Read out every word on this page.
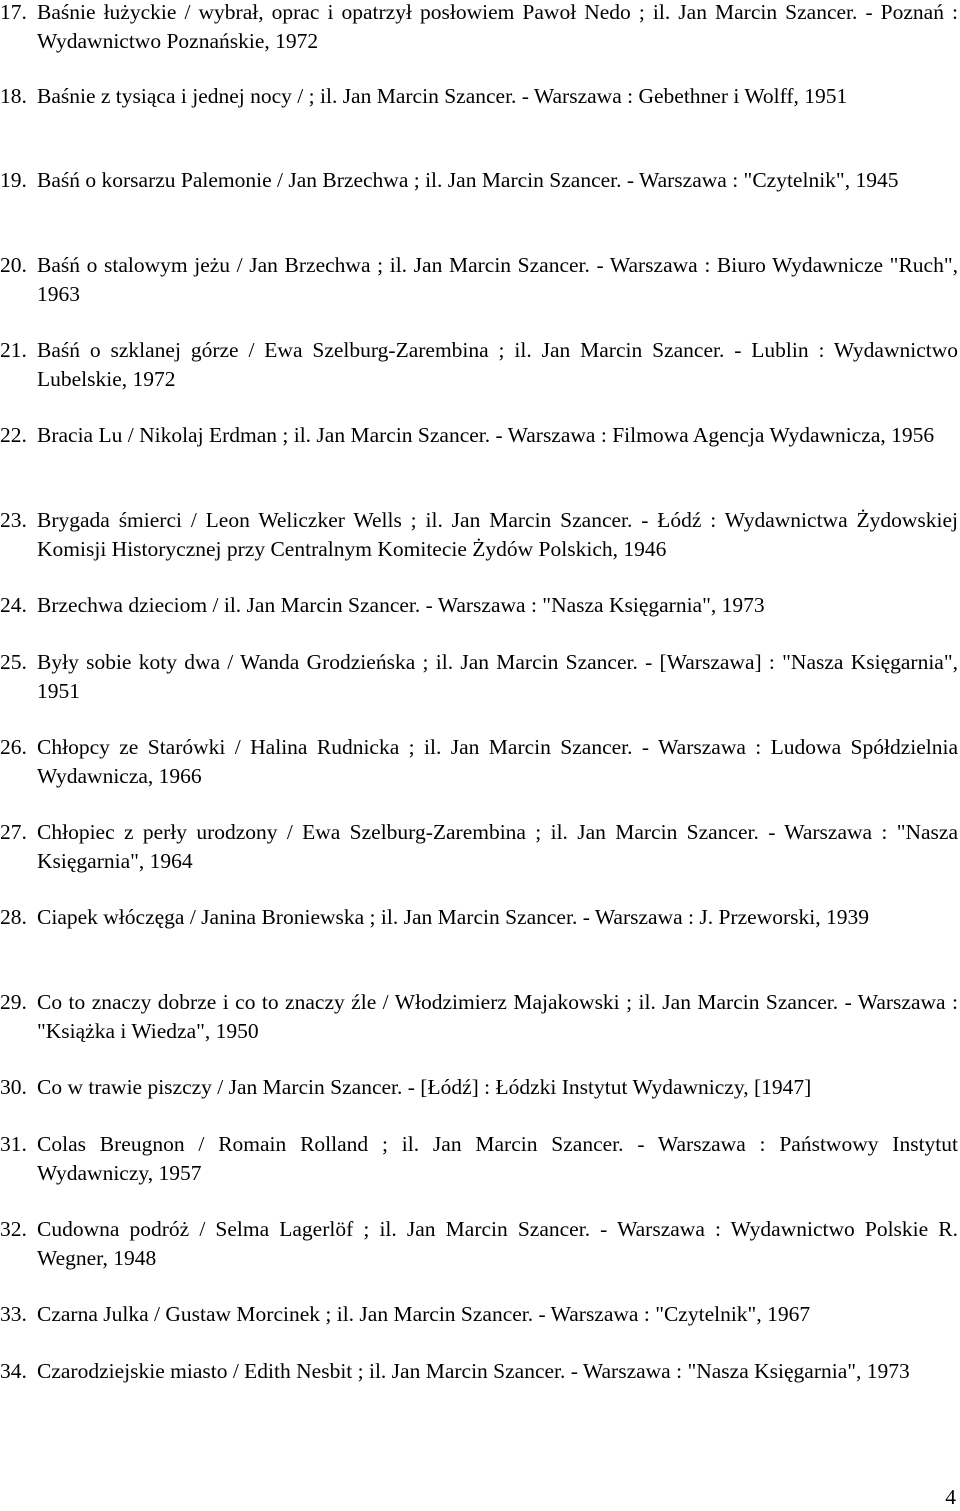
17. Baśnie łużyckie / wybrał, oprac i opatrzył posłowiem Pawoł Nedo ; il. Jan Marcin Szancer. - Poznań : Wydawnictwo Poznańskie, 1972
18. Baśnie z tysiąca i jednej nocy / ; il. Jan Marcin Szancer. - Warszawa : Gebethner i Wolff, 1951
19. Baśń o korsarzu Palemonie / Jan Brzechwa ; il. Jan Marcin Szancer. - Warszawa : "Czytelnik", 1945
20. Baśń o stalowym jeżu / Jan Brzechwa ; il. Jan Marcin Szancer. - Warszawa : Biuro Wydawnicze "Ruch", 1963
21. Baśń o szklanej górze / Ewa Szelburg-Zarembina ; il. Jan Marcin Szancer. - Lublin : Wydawnictwo Lubelskie, 1972
22. Bracia Lu / Nikolaj Erdman ; il. Jan Marcin Szancer. - Warszawa : Filmowa Agencja Wydawnicza, 1956
23. Brygada śmierci / Leon Weliczker Wells ; il. Jan Marcin Szancer. - Łódź : Wydawnictwa Żydowskiej Komisji Historycznej przy Centralnym Komitecie Żydów Polskich, 1946
24. Brzechwa dzieciom / il. Jan Marcin Szancer. - Warszawa : "Nasza Księgarnia", 1973
25. Były sobie koty dwa / Wanda Grodzieńska ; il. Jan Marcin Szancer. - [Warszawa] : "Nasza Księgarnia", 1951
26. Chłopcy ze Starówki / Halina Rudnicka ; il. Jan Marcin Szancer. - Warszawa : Ludowa Spółdzielnia Wydawnicza, 1966
27. Chłopiec z perły urodzony / Ewa Szelburg-Zarembina ; il. Jan Marcin Szancer. - Warszawa : "Nasza Księgarnia", 1964
28. Ciapek włóczęga / Janina Broniewska ; il. Jan Marcin Szancer. - Warszawa : J. Przeworski, 1939
29. Co to znaczy dobrze i co to znaczy źle / Włodzimierz Majakowski ; il. Jan Marcin Szancer. - Warszawa : "Książka i Wiedza", 1950
30. Co w trawie piszczy / Jan Marcin Szancer. - [Łódź] : Łódzki Instytut Wydawniczy, [1947]
31. Colas Breugnon / Romain Rolland ; il. Jan Marcin Szancer. - Warszawa : Państwowy Instytut Wydawniczy, 1957
32. Cudowna podróż / Selma Lagerlöf ; il. Jan Marcin Szancer. - Warszawa : Wydawnictwo Polskie R. Wegner, 1948
33. Czarna Julka / Gustaw Morcinek ; il. Jan Marcin Szancer. - Warszawa : "Czytelnik", 1967
34. Czarodziejskie miasto / Edith Nesbit ; il. Jan Marcin Szancer. - Warszawa : "Nasza Księgarnia", 1973
4
